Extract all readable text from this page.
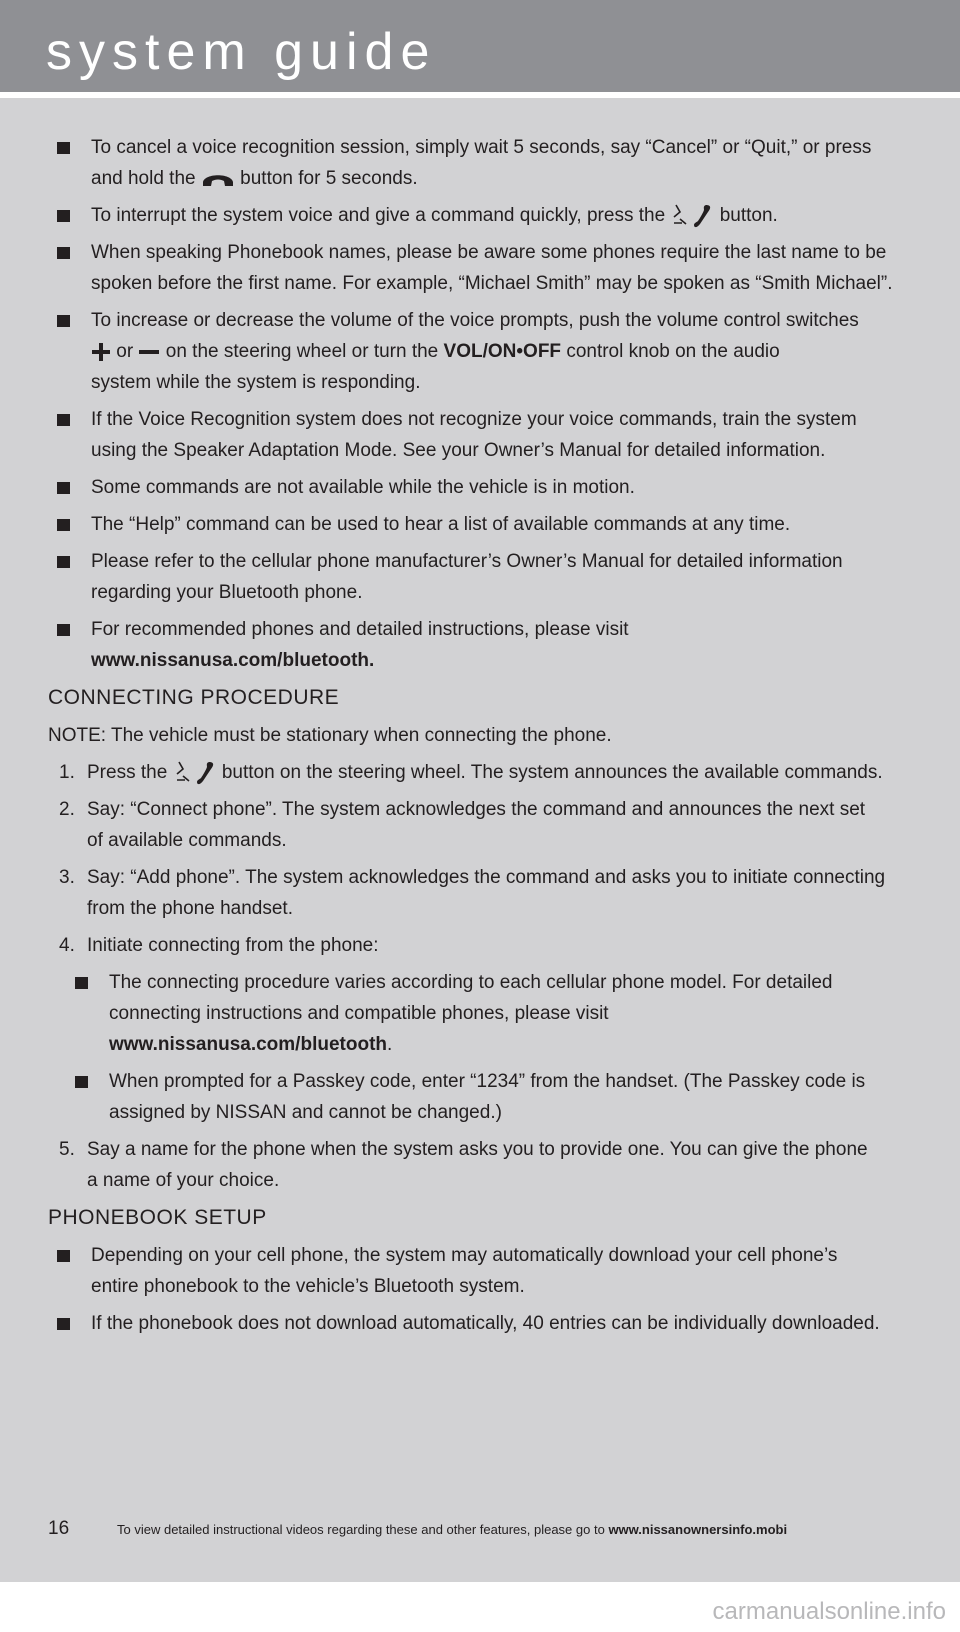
system guide
To cancel a voice recognition session, simply wait 5 seconds, say “Cancel” or “Quit,” or press
and hold the button for 5 seconds.
To interrupt the system voice and give a command quickly, press the	button.
When speaking Phonebook names, please be aware some phones require the last name to be
spoken before the first name. For example, “Michael Smith” may be spoken as “Smith Michael”.
To increase or decrease the volume of the voice prompts, push the volume control switches
or on the steering wheel or turn the VOL/ON•OFF control knob on the audio
system while the system is responding.
If the Voice Recognition system does not recognize your voice commands, train the system
using the Speaker Adaptation Mode. See your Owner’s Manual for detailed information.
Some commands are not available while the vehicle is in motion.
The “Help” command can be used to hear a list of available commands at any time.
Please refer to the cellular phone manufacturer’s Owner’s Manual for detailed information
regarding your Bluetooth phone.
For recommended phones and detailed instructions, please visit
www.nissanusa.com/bluetooth.
CONNECTING PROCEDURE
NOTE: The vehicle must be stationary when connecting the phone.
1. Press the	button on the steering wheel. The system announces the available commands.
2. Say: “Connect phone”. The system acknowledges the command and announces the next set
of available commands.
3. Say: “Add phone”. The system acknowledges the command and asks you to initiate connecting
from the phone handset.
4. Initiate connecting from the phone:
The connecting procedure varies according to each cellular phone model. For detailed
connecting instructions and compatible phones, please visit
www.nissanusa.com/bluetooth.
When prompted for a Passkey code, enter “1234” from the handset. (The Passkey code is
assigned by NISSAN and cannot be changed.)
5. Say a name for the phone when the system asks you to provide one. You can give the phone
a name of your choice.
PHONEBOOK SETUP
Depending on your cell phone, the system may automatically download your cell phone’s
entire phonebook to the vehicle’s Bluetooth system.
If the phonebook does not download automatically, 40 entries can be individually downloaded.
16	To view detailed instructional videos regarding these and other features, please go to www.nissanownersinfo.mobi
carmanualsonline.info
